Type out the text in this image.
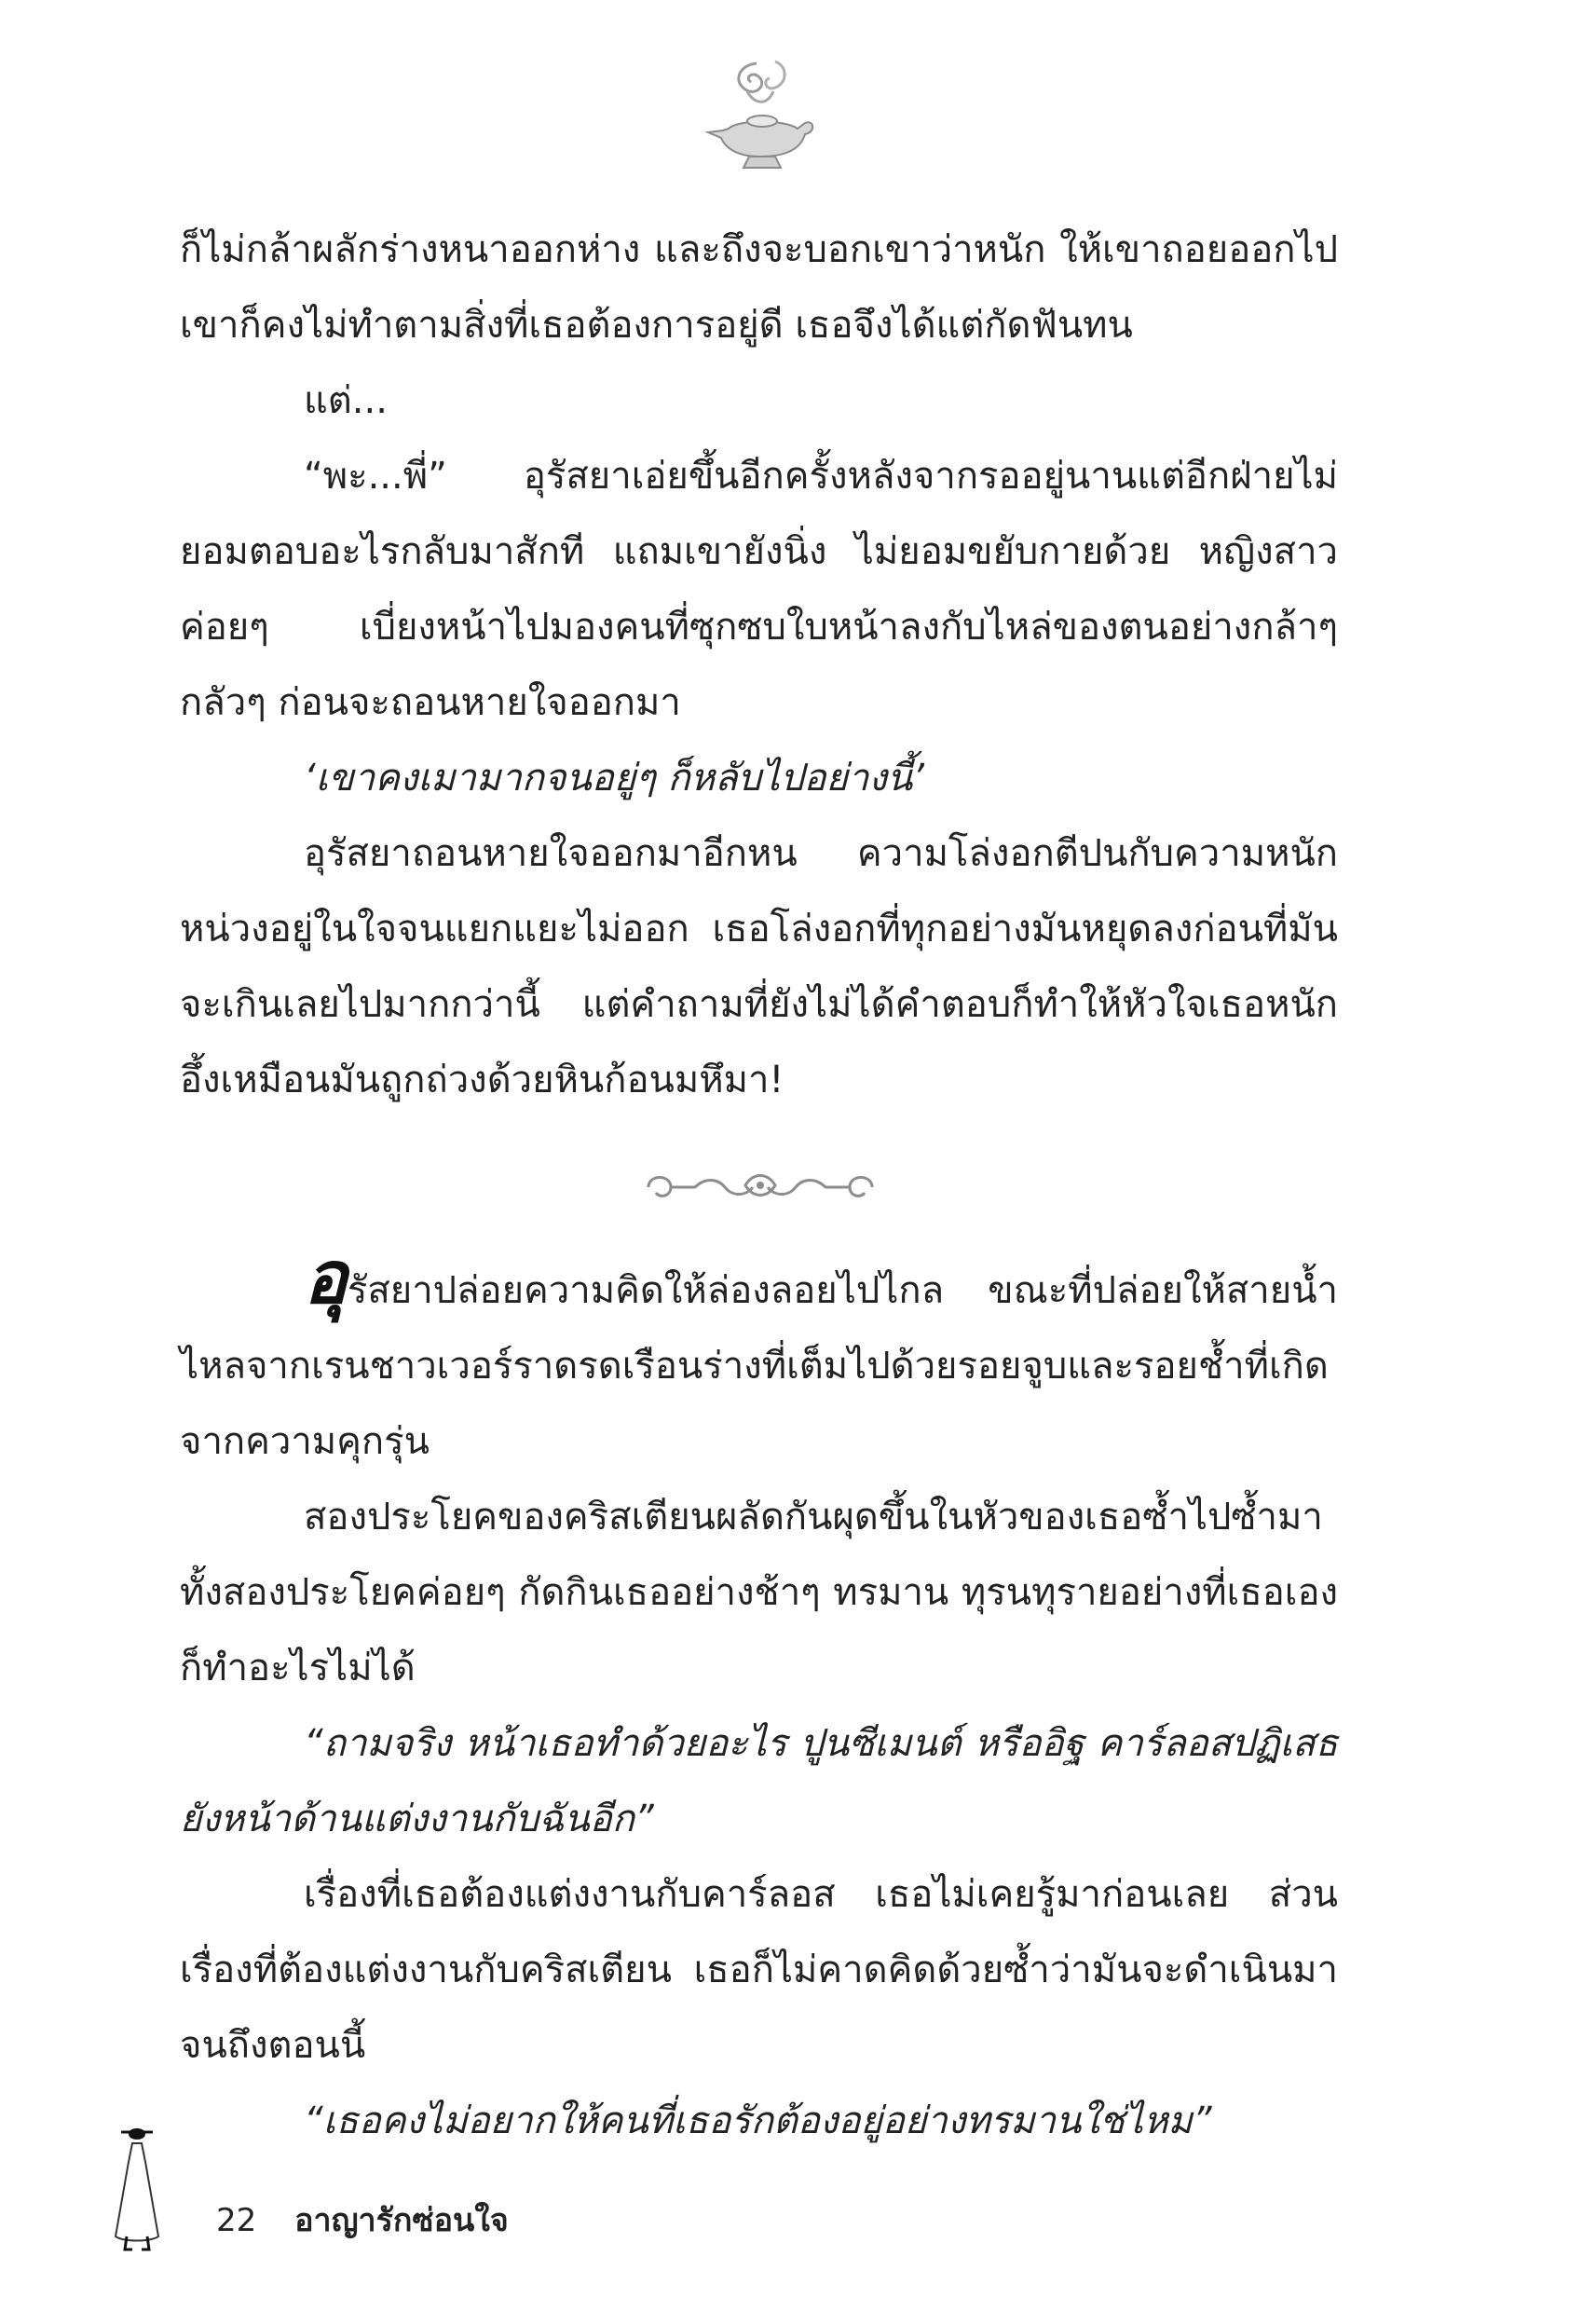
ก็ไม่กล้าผลักร่างหนาออกห่าง และถึงจะบอกเขาว่าหนัก ให้เขาถอยออกไป เขาก็คงไม่ทำตามสิ่งที่เธอต้องการอยู่ดี เธอจึงได้แต่กัดฟันทน

แต่...

“พะ...พี่” อุรัสยาเอ่ยขึ้นอีกครั้งหลังจากรออยู่นานแต่อีกฝ่ายไม่ยอมตอบอะไรกลับมาสักที แถมเขายังนิ่ง ไม่ยอมขยับกายด้วย หญิงสาวค่อยๆ เบี่ยงหน้าไปมองคนที่ซุกซบใบหน้าลงกับไหล่ของตนอย่างกล้าๆ กลัวๆ ก่อนจะถอนหายใจออกมา

‘เขาคงเมามากจนอยู่ๆ ก็หลับไปอย่างนี้’

อุรัสยาถอนหายใจออกมาอีกหน ความโล่งอกตีปนกับความหนักหน่วงอยู่ในใจจนแยกแยะไม่ออก เธอโล่งอกที่ทุกอย่างมันหยุดลงก่อนที่มันจะเกินเลยไปมากกว่านี้ แต่คำถามที่ยังไม่ได้คำตอบก็ทำให้หัวใจเธอหนักอึ้งเหมือนมันถูกถ่วงด้วยหินก้อนมหึมา!

อุรัสยาปล่อยความคิดให้ล่องลอยไปไกล ขณะที่ปล่อยให้สายน้ำไหลจากเรนชาวเวอร์ราดรดเรือนร่างที่เต็มไปด้วยรอยจูบและรอยช้ำที่เกิดจากความคุกรุ่น

สองประโยคของคริสเตียนผลัดกันผุดขึ้นในหัวของเธอซ้ำไปซ้ำมา ทั้งสองประโยคค่อยๆ กัดกินเธออย่างช้าๆ ทรมาน ทุรนทุรายอย่างที่เธอเองก็ทำอะไรไม่ได้

“ถามจริง หน้าเธอทำด้วยอะไร ปูนซีเมนต์ หรืออิฐ คาร์ลอสปฏิเสธ ยังหน้าด้านแต่งงานกับฉันอีก”

เรื่องที่เธอต้องแต่งงานกับคาร์ลอส เธอไม่เคยรู้มาก่อนเลย ส่วนเรื่องที่ต้องแต่งงานกับคริสเตียน เธอก็ไม่คาดคิดด้วยซ้ำว่ามันจะดำเนินมาจนถึงตอนนี้

“เธอคงไม่อยากให้คนที่เธอรักต้องอยู่อย่างทรมานใช่ไหม”

22 อาญารักซ่อนใจ
